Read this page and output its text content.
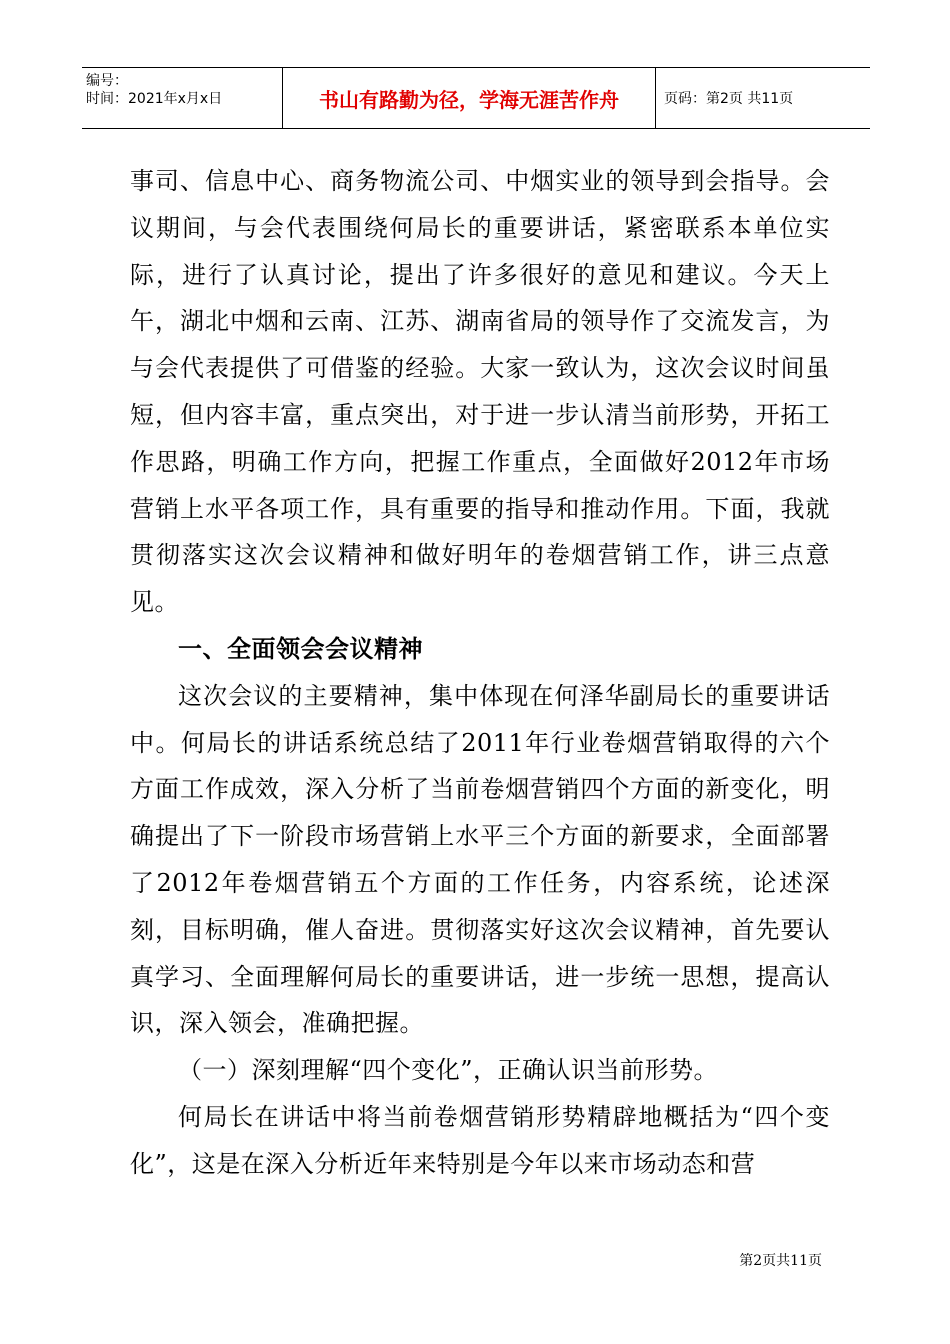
编号：
时间：2021年x月x日	书山有路勤为径，学海无涯苦作舟	页码：第2页 共11页

事司、信息中心、商务物流公司、中烟实业的领导到会指导。会议期间，与会代表围绕何局长的重要讲话，紧密联系本单位实际，进行了认真讨论，提出了许多很好的意见和建议。今天上午，湖北中烟和云南、江苏、湖南省局的领导作了交流发言，为与会代表提供了可借鉴的经验。大家一致认为，这次会议时间虽短，但内容丰富，重点突出，对于进一步认清当前形势，开拓工作思路，明确工作方向，把握工作重点，全面做好2012年市场营销上水平各项工作，具有重要的指导和推动作用。下面，我就贯彻落实这次会议精神和做好明年的卷烟营销工作，讲三点意见。

一、全面领会会议精神

这次会议的主要精神，集中体现在何泽华副局长的重要讲话中。何局长的讲话系统总结了2011年行业卷烟营销取得的六个方面工作成效，深入分析了当前卷烟营销四个方面的新变化，明确提出了下一阶段市场营销上水平三个方面的新要求，全面部署了2012年卷烟营销五个方面的工作任务，内容系统，论述深刻，目标明确，催人奋进。贯彻落实好这次会议精神，首先要认真学习、全面理解何局长的重要讲话，进一步统一思想，提高认识，深入领会，准确把握。

（一）深刻理解“四个变化”，正确认识当前形势。

何局长在讲话中将当前卷烟营销形势精辟地概括为“四个变化”，这是在深入分析近年来特别是今年以来市场动态和营

第2页共11页
